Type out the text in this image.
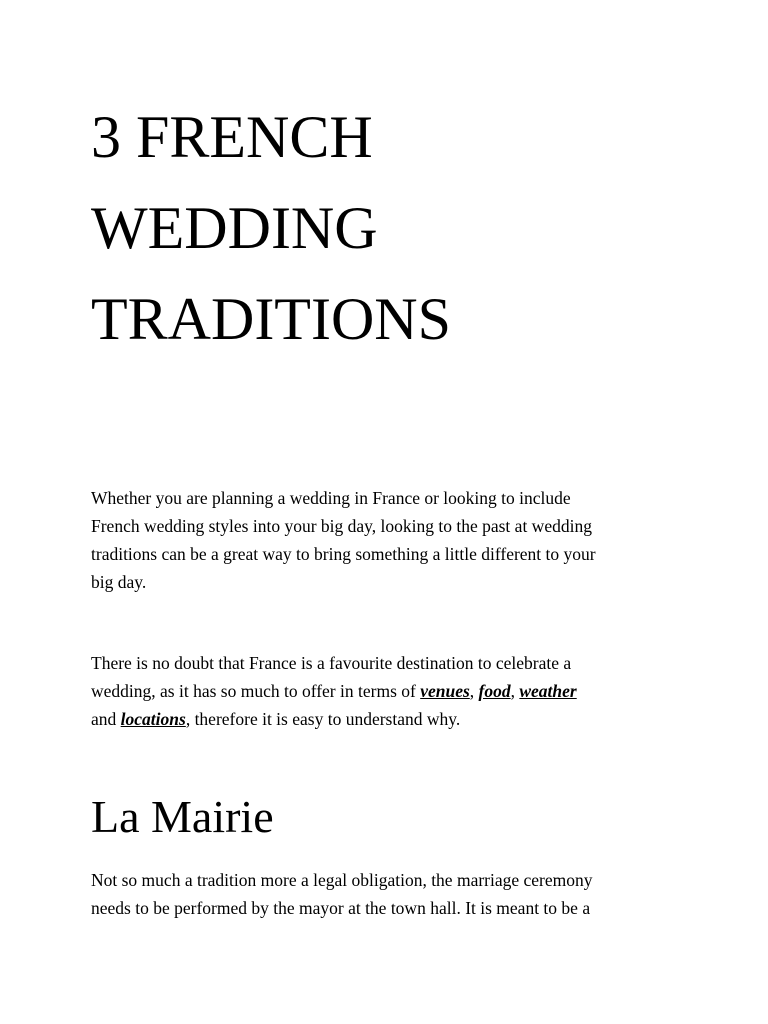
3 FRENCH
WEDDING
TRADITIONS

Whether you are planning a wedding in France or looking to include
French wedding styles into your big day, looking to the past at wedding
traditions can be a great way to bring something a little different to your
big day.

There is no doubt that France is a favourite destination to celebrate a
wedding, as it has so much to offer in terms of venues, food, weather
and locations, therefore it is easy to understand why.

La Mairie

Not so much a tradition more a legal obligation, the marriage ceremony
needs to be performed by the mayor at the town hall. It is meant to be a
